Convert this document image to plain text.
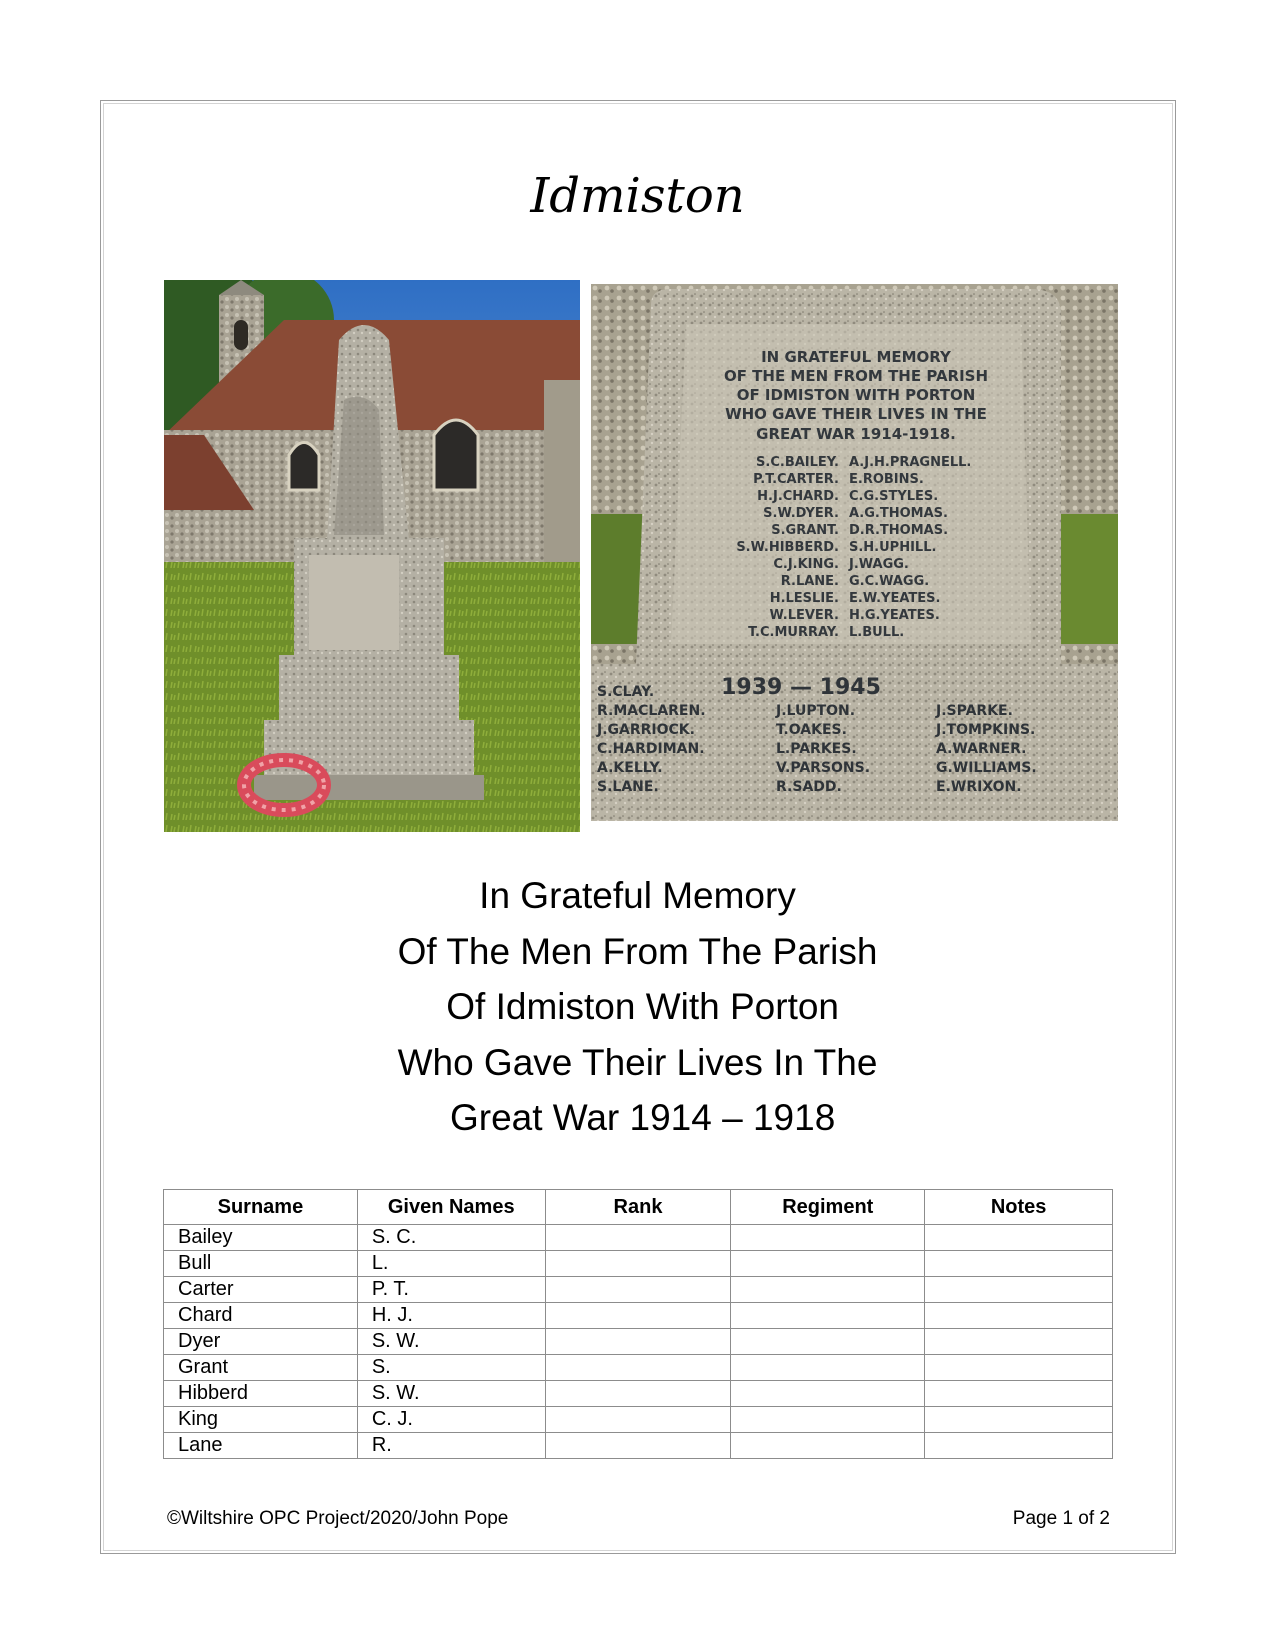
Idmiston
IN GRATEFUL MEMORY
OF THE MEN FROM THE PARISH
OF IDMISTON WITH PORTON
WHO GAVE THEIR LIVES IN THE
GREAT WAR 1914-1918.
S.C.BAILEY.
P.T.CARTER.
H.J.CHARD.
S.W.DYER.
S.GRANT.
S.W.HIBBERD.
C.J.KING.
R.LANE.
H.LESLIE.
W.LEVER.
T.C.MURRAY.
A.J.H.PRAGNELL.
E.ROBINS.
C.G.STYLES.
A.G.THOMAS.
D.R.THOMAS.
S.H.UPHILL.
J.WAGG.
G.C.WAGG.
E.W.YEATES.
H.G.YEATES.
L.BULL.
1939 — 1945
S.CLAY.
R.MACLAREN.
J.GARRIOCK.
C.HARDIMAN.
A.KELLY.
S.LANE.
J.LUPTON.
T.OAKES.
L.PARKES.
V.PARSONS.
R.SADD.
J.SPARKE.
J.TOMPKINS.
A.WARNER.
G.WILLIAMS.
E.WRIXON.
In Grateful Memory
Of The Men From The Parish
Of Idmiston With Porton
Who Gave Their Lives In The
Great War 1914 – 1918
Surname	Given Names	Rank	Regiment	Notes
Bailey	S. C.			
Bull	L.			
Carter	P. T.			
Chard	H. J.			
Dyer	S. W.			
Grant	S.			
Hibberd	S. W.			
King	C. J.			
Lane	R.			
©Wiltshire OPC Project/2020/John Pope	Page 1 of 2
